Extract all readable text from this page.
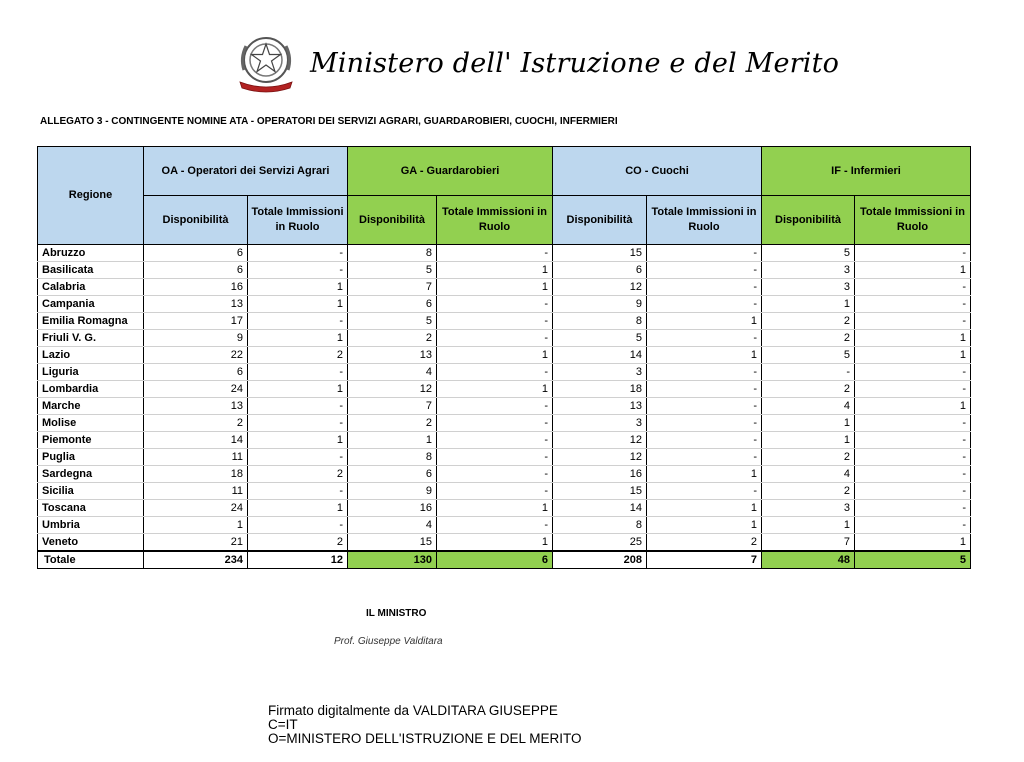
Ministero dell' Istruzione e del Merito
ALLEGATO 3 - CONTINGENTE NOMINE ATA - OPERATORI DEI SERVIZI AGRARI, GUARDAROBIERI, CUOCHI, INFERMIERI
Regione	OA - Operatori dei Servizi Agrari		GA - Guardarobieri		CO - Cuochi		IF - Infermieri	
	Disponibilità	Totale Immissioni in Ruolo	Disponibilità	Totale Immissioni in Ruolo	Disponibilità	Totale Immissioni in Ruolo	Disponibilità	Totale Immissioni in Ruolo
Abruzzo	6	-	8	-	15	-	5	-
Basilicata	6	-	5	1	6	-	3	1
Calabria	16	1	7	1	12	-	3	-
Campania	13	1	6	-	9	-	1	-
Emilia Romagna	17	-	5	-	8	1	2	-
Friuli V. G.	9	1	2	-	5	-	2	1
Lazio	22	2	13	1	14	1	5	1
Liguria	6	-	4	-	3	-	-	-
Lombardia	24	1	12	1	18	-	2	-
Marche	13	-	7	-	13	-	4	1
Molise	2	-	2	-	3	-	1	-
Piemonte	14	1	1	-	12	-	1	-
Puglia	11	-	8	-	12	-	2	-
Sardegna	18	2	6	-	16	1	4	-
Sicilia	11	-	9	-	15	-	2	-
Toscana	24	1	16	1	14	1	3	-
Umbria	1	-	4	-	8	1	1	-
Veneto	21	2	15	1	25	2	7	1
Totale	234	12	130	6	208	7	48	5
IL MINISTRO
Prof. Giuseppe Valditara
Firmato digitalmente da VALDITARA GIUSEPPE
C=IT
O=MINISTERO DELL'ISTRUZIONE E DEL MERITO
